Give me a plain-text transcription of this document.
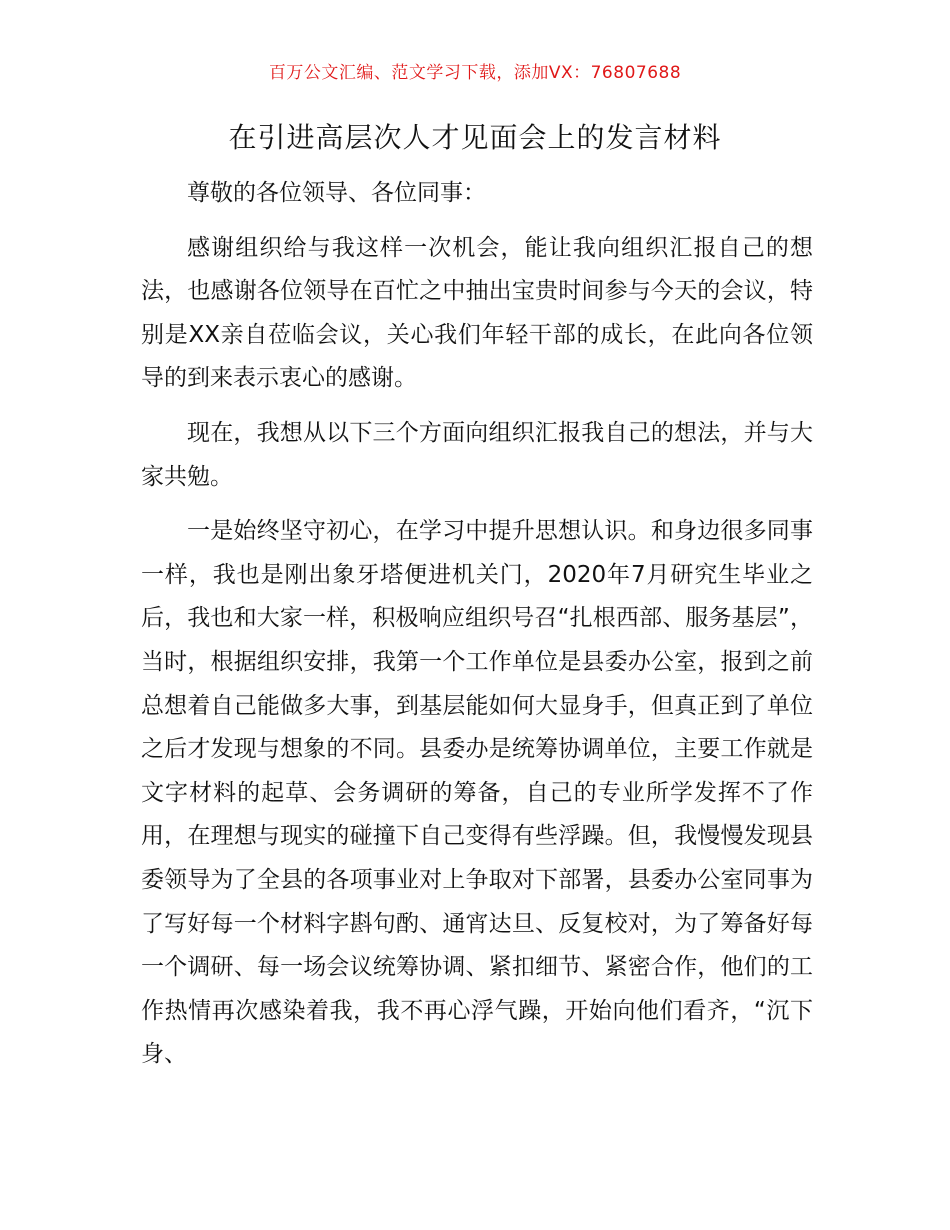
百万公文汇编、范文学习下载，添加VX：76807688
在引进高层次人才见面会上的发言材料

尊敬的各位领导、各位同事：

感谢组织给与我这样一次机会，能让我向组织汇报自己的想法，也感谢各位领导在百忙之中抽出宝贵时间参与今天的会议，特别是XX亲自莅临会议，关心我们年轻干部的成长，在此向各位领导的到来表示衷心的感谢。

现在，我想从以下三个方面向组织汇报我自己的想法，并与大家共勉。

一是始终坚守初心，在学习中提升思想认识。和身边很多同事一样，我也是刚出象牙塔便进机关门，2020年7月研究生毕业之后，我也和大家一样，积极响应组织号召“扎根西部、服务基层”，当时，根据组织安排，我第一个工作单位是县委办公室，报到之前总想着自己能做多大事，到基层能如何大显身手，但真正到了单位之后才发现与想象的不同。县委办是统筹协调单位，主要工作就是文字材料的起草、会务调研的筹备，自己的专业所学发挥不了作用，在理想与现实的碰撞下自己变得有些浮躁。但，我慢慢发现县委领导为了全县的各项事业对上争取对下部署，县委办公室同事为了写好每一个材料字斟句酌、通宵达旦、反复校对，为了筹备好每一个调研、每一场会议统筹协调、紧扣细节、紧密合作，他们的工作热情再次感染着我，我不再心浮气躁，开始向他们看齐，“沉下身、
